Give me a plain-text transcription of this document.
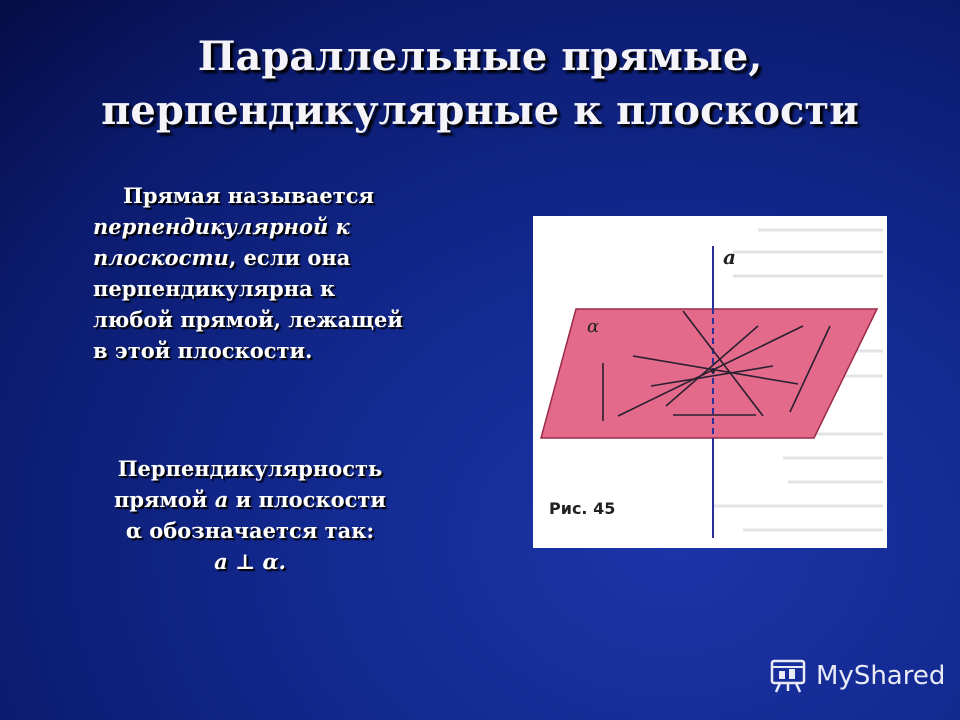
Параллельные прямые,
перпендикулярные к плоскости
Прямая называется
перпендикулярной к
плоскости, если она
перпендикулярна к
любой прямой, лежащей
в этой плоскости.
Перпендикулярность
прямой а и плоскости
α обозначается так:
а ⊥ α.
a
α
Рис. 45
MyShared
